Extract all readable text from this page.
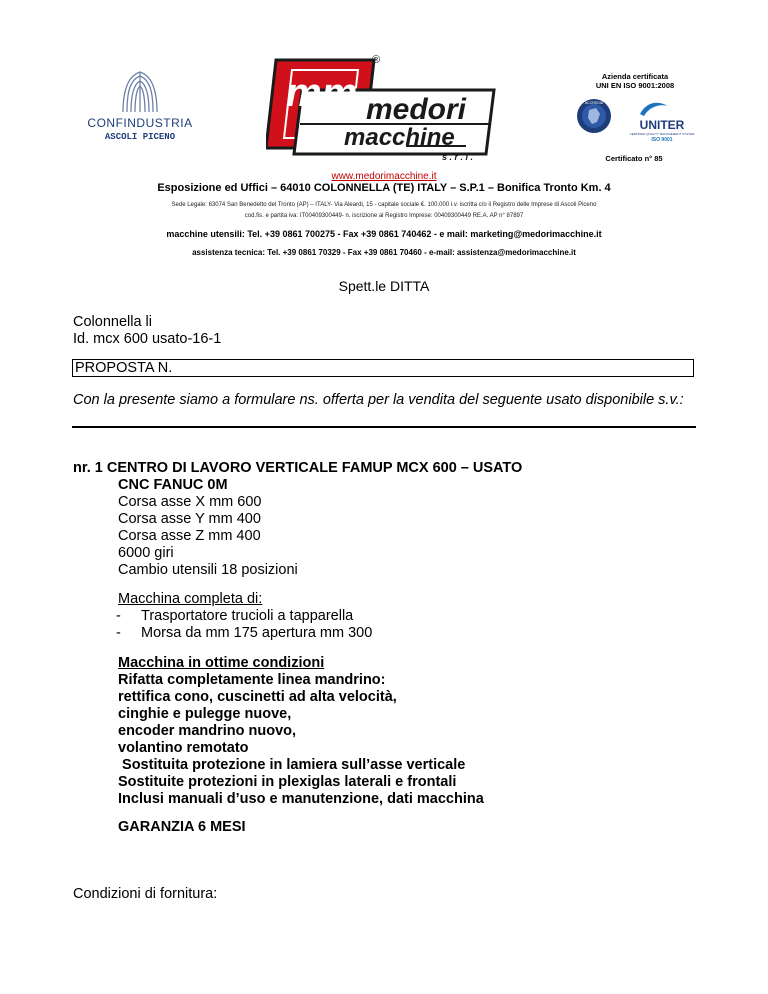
CONFINDUSTRIA
ASCOLI PICENO
mm medori
macchine
s . r . l .
®
Azienda certificata
UNI EN ISO 9001:2008
ACCREDIA
UNITER
CERTIFIED QUALITY MANAGEMENT SYSTEM
ISO 9001
Certificato n° 85
www.medorimacchine.it
Esposizione ed Uffici – 64010 COLONNELLA (TE) ITALY – S.P.1 – Bonifica Tronto Km. 4
Sede Legale: 63074 San Benedetto del Tronto (AP) – ITALY- Via Aleardi, 15 - capitale sociale €. 100.000 i.v. iscritta c/o il Registro delle Imprese di Ascoli Piceno
cod.fis. e partita iva: IT00409300449- n. iscrizione al Registro Imprese: 00409300449 RE.A. AP n° 87897
macchine utensili: Tel. +39 0861 700275 - Fax +39 0861 740462 - e mail: marketing@medorimacchine.it
assistenza tecnica: Tel. +39 0861 70329 - Fax +39 0861 70460 - e-mail: assistenza@medorimacchine.it
Spett.le DITTA
Colonnella li
Id. mcx 600 usato-16-1
PROPOSTA N.
Con la presente siamo a formulare ns. offerta per la vendita del seguente usato disponibile s.v.:
nr. 1 CENTRO DI LAVORO VERTICALE FAMUP MCX 600 – USATO
CNC FANUC 0M
Corsa asse X mm 600
Corsa asse Y mm 400
Corsa asse Z mm 400
6000 giri
Cambio utensili 18 posizioni
Macchina completa di:
- Trasportatore trucioli a tapparella
- Morsa da mm 175 apertura mm 300
Macchina in ottime condizioni
Rifatta completamente linea mandrino:
rettifica cono, cuscinetti ad alta velocità,
cinghie e pulegge nuove,
encoder mandrino nuovo,
volantino remotato
Sostituita protezione in lamiera sull’asse verticale
Sostituite protezioni in plexiglas laterali e frontali
Inclusi manuali d’uso e manutenzione, dati macchina
GARANZIA 6 MESI
Condizioni di fornitura:
